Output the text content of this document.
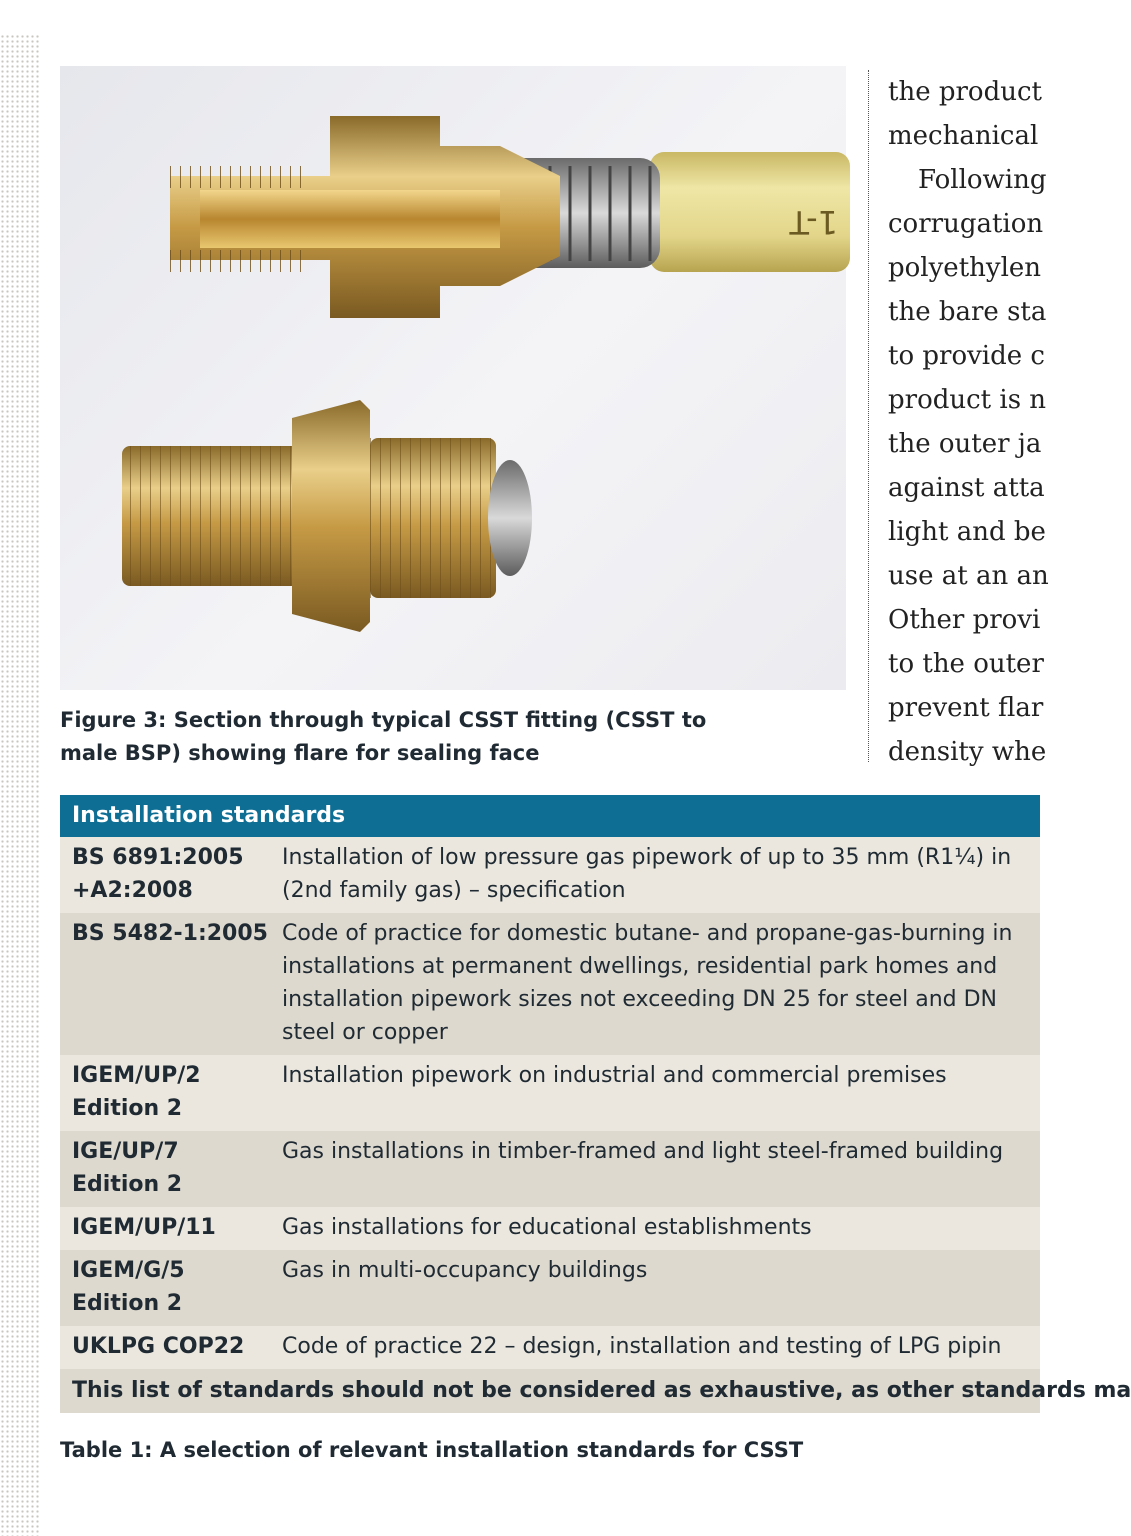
1-T
Figure 3: Section through typical CSST fitting (CSST to
male BSP) showing flare for sealing face
the product
mechanical
Following
corrugation
polyethylen
the bare sta
to provide c
product is n
the outer ja
against atta
light and be
use at an an
Other provi
to the outer
prevent flar
density whe
Installation standards
BS 6891:2005
+A2:2008
Installation of low pressure gas pipework of up to 35 mm (R1¼) in
(2nd family gas) – specification
BS 5482-1:2005 Code of practice for domestic butane- and propane-gas-burning in
installations at permanent dwellings, residential park homes and
installation pipework sizes not exceeding DN 25 for steel and DN
steel or copper
IGEM/UP/2
Edition 2
Installation pipework on industrial and commercial premises
IGE/UP/7
Edition 2
Gas installations in timber-framed and light steel-framed building
IGEM/UP/11	Gas installations for educational establishments
IGEM/G/5
Edition 2
Gas in multi-occupancy buildings
UKLPG COP22	Code of practice 22 – design, installation and testing of LPG pipin
This list of standards should not be considered as exhaustive, as other standards ma
Table 1: A selection of relevant installation standards for CSST
